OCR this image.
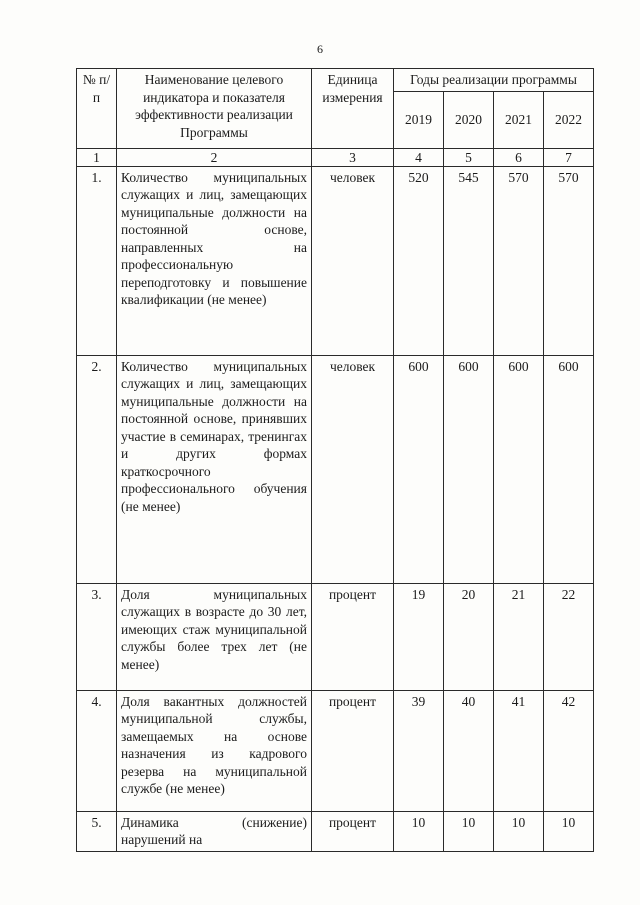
6
№ п/п	Наименование целевого индикатора и показателя эффективности реализации Программы	Единица измерения	Годы реализации программы			
			2019	2020	2021	2022
1	2	3	4	5	6	7
1.	Количество муниципальных служащих и лиц, замещающих муниципальные должности на постоянной основе, направленных на профессиональную переподготовку и повышение квалификации (не менее)	человек	520	545	570	570
2.	Количество муниципальных служащих и лиц, замещающих муниципальные должности на постоянной основе, принявших участие в семинарах, тренингах и других формах краткосрочного профессионального обучения (не менее)	человек	600	600	600	600
3.	Доля муниципальных служащих в возрасте до 30 лет, имеющих стаж муниципальной службы более трех лет (не менее)	процент	19	20	21	22
4.	Доля вакантных должностей муниципальной службы, замещаемых на основе назначения из кадрового резерва на муниципальной службе (не менее)	процент	39	40	41	42
5.	Динамика (снижение) нарушений на	процент	10	10	10	10
